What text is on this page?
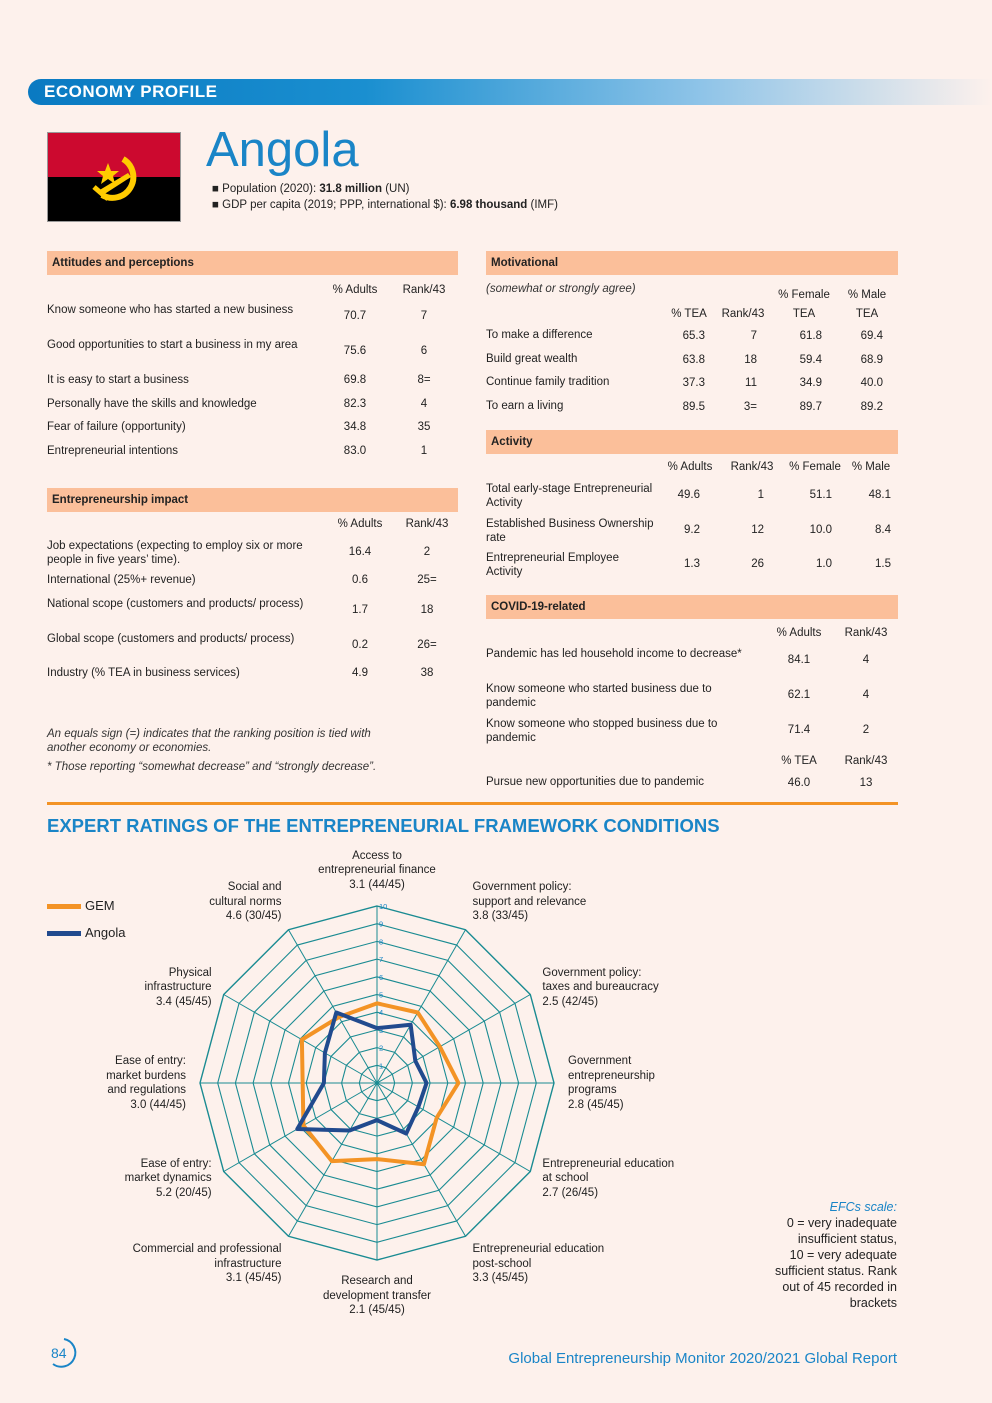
ECONOMY PROFILE
Angola
■ Population (2020): 31.8 million (UN)
■ GDP per capita (2019; PPP, international $): 6.98 thousand (IMF)
Attitudes and perceptions
% Adults	Rank/43
Know someone who has started a new business	70.7	7
Good opportunities to start a business in my area	75.6	6
It is easy to start a business	69.8	8=
Personally have the skills and knowledge	82.3	4
Fear of failure (opportunity)	34.8	35
Entrepreneurial intentions	83.0	1
Entrepreneurship impact
% Adults	Rank/43
Job expectations (expecting to employ six or more people in five years’ time).
16.4	2
International (25%+ revenue)	0.6	25=
National scope (customers and products/ process)	1.7	18
Global scope (customers and products/ process)	0.2	26=
Industry (% TEA in business services)	4.9	38
An equals sign (=) indicates that the ranking position is tied with another economy or economies.
* Those reporting “somewhat decrease” and “strongly decrease”.
Motivational
(somewhat or strongly agree)	% Female	% Male
% TEA	Rank/43	TEA	TEA
To make a difference	65.3	7	61.8	69.4
Build great wealth	63.8	18	59.4	68.9
Continue family tradition	37.3	11	34.9	40.0
To earn a living	89.5	3=	89.7	89.2
Activity
% Adults	Rank/43	% Female % Male
Total early-stage Entrepreneurial Activity
49.6	1	51.1	48.1
Established Business Ownership rate
9.2	12	10.0	8.4
Entrepreneurial Employee Activity
1.3	26	1.0	1.5
COVID-19-related
% Adults	Rank/43
Pandemic has led household income to decrease*	84.1	4
Know someone who started business due to pandemic
62.1	4
Know someone who stopped business due to pandemic
71.4	2
% TEA	Rank/43
Pursue new opportunities due to pandemic	46.0	13
EXPERT RATINGS OF THE ENTREPRENEURIAL FRAMEWORK CONDITIONS
GEM
Angola
1
2
3
4
5
6
7
8
9
10
Access to
entrepreneurial finance
3.1 (44/45)	Government policy:
support and relevance
3.8 (33/45)
Government policy:
taxes and bureaucracy
2.5 (42/45)
Government
entrepreneurship
programs
2.8 (45/45)
Entrepreneurial education
at school
2.7 (26/45)
Entrepreneurial education
post-school
3.3 (45/45)
Research and
development transfer
2.1 (45/45)
Commercial and professional
infrastructure
3.1 (45/45)
Ease of entry:
market dynamics
5.2 (20/45)
Ease of entry:
market burdens
and regulations
3.0 (44/45)
Physical
infrastructure
3.4 (45/45)
Social and
cultural norms
4.6 (30/45)
EFCs scale:
0 = very inadequate
insufficient status,
10 = very adequate
sufficient status. Rank
out of 45 recorded in
brackets
84	Global Entrepreneurship Monitor 2020/2021 Global Report
